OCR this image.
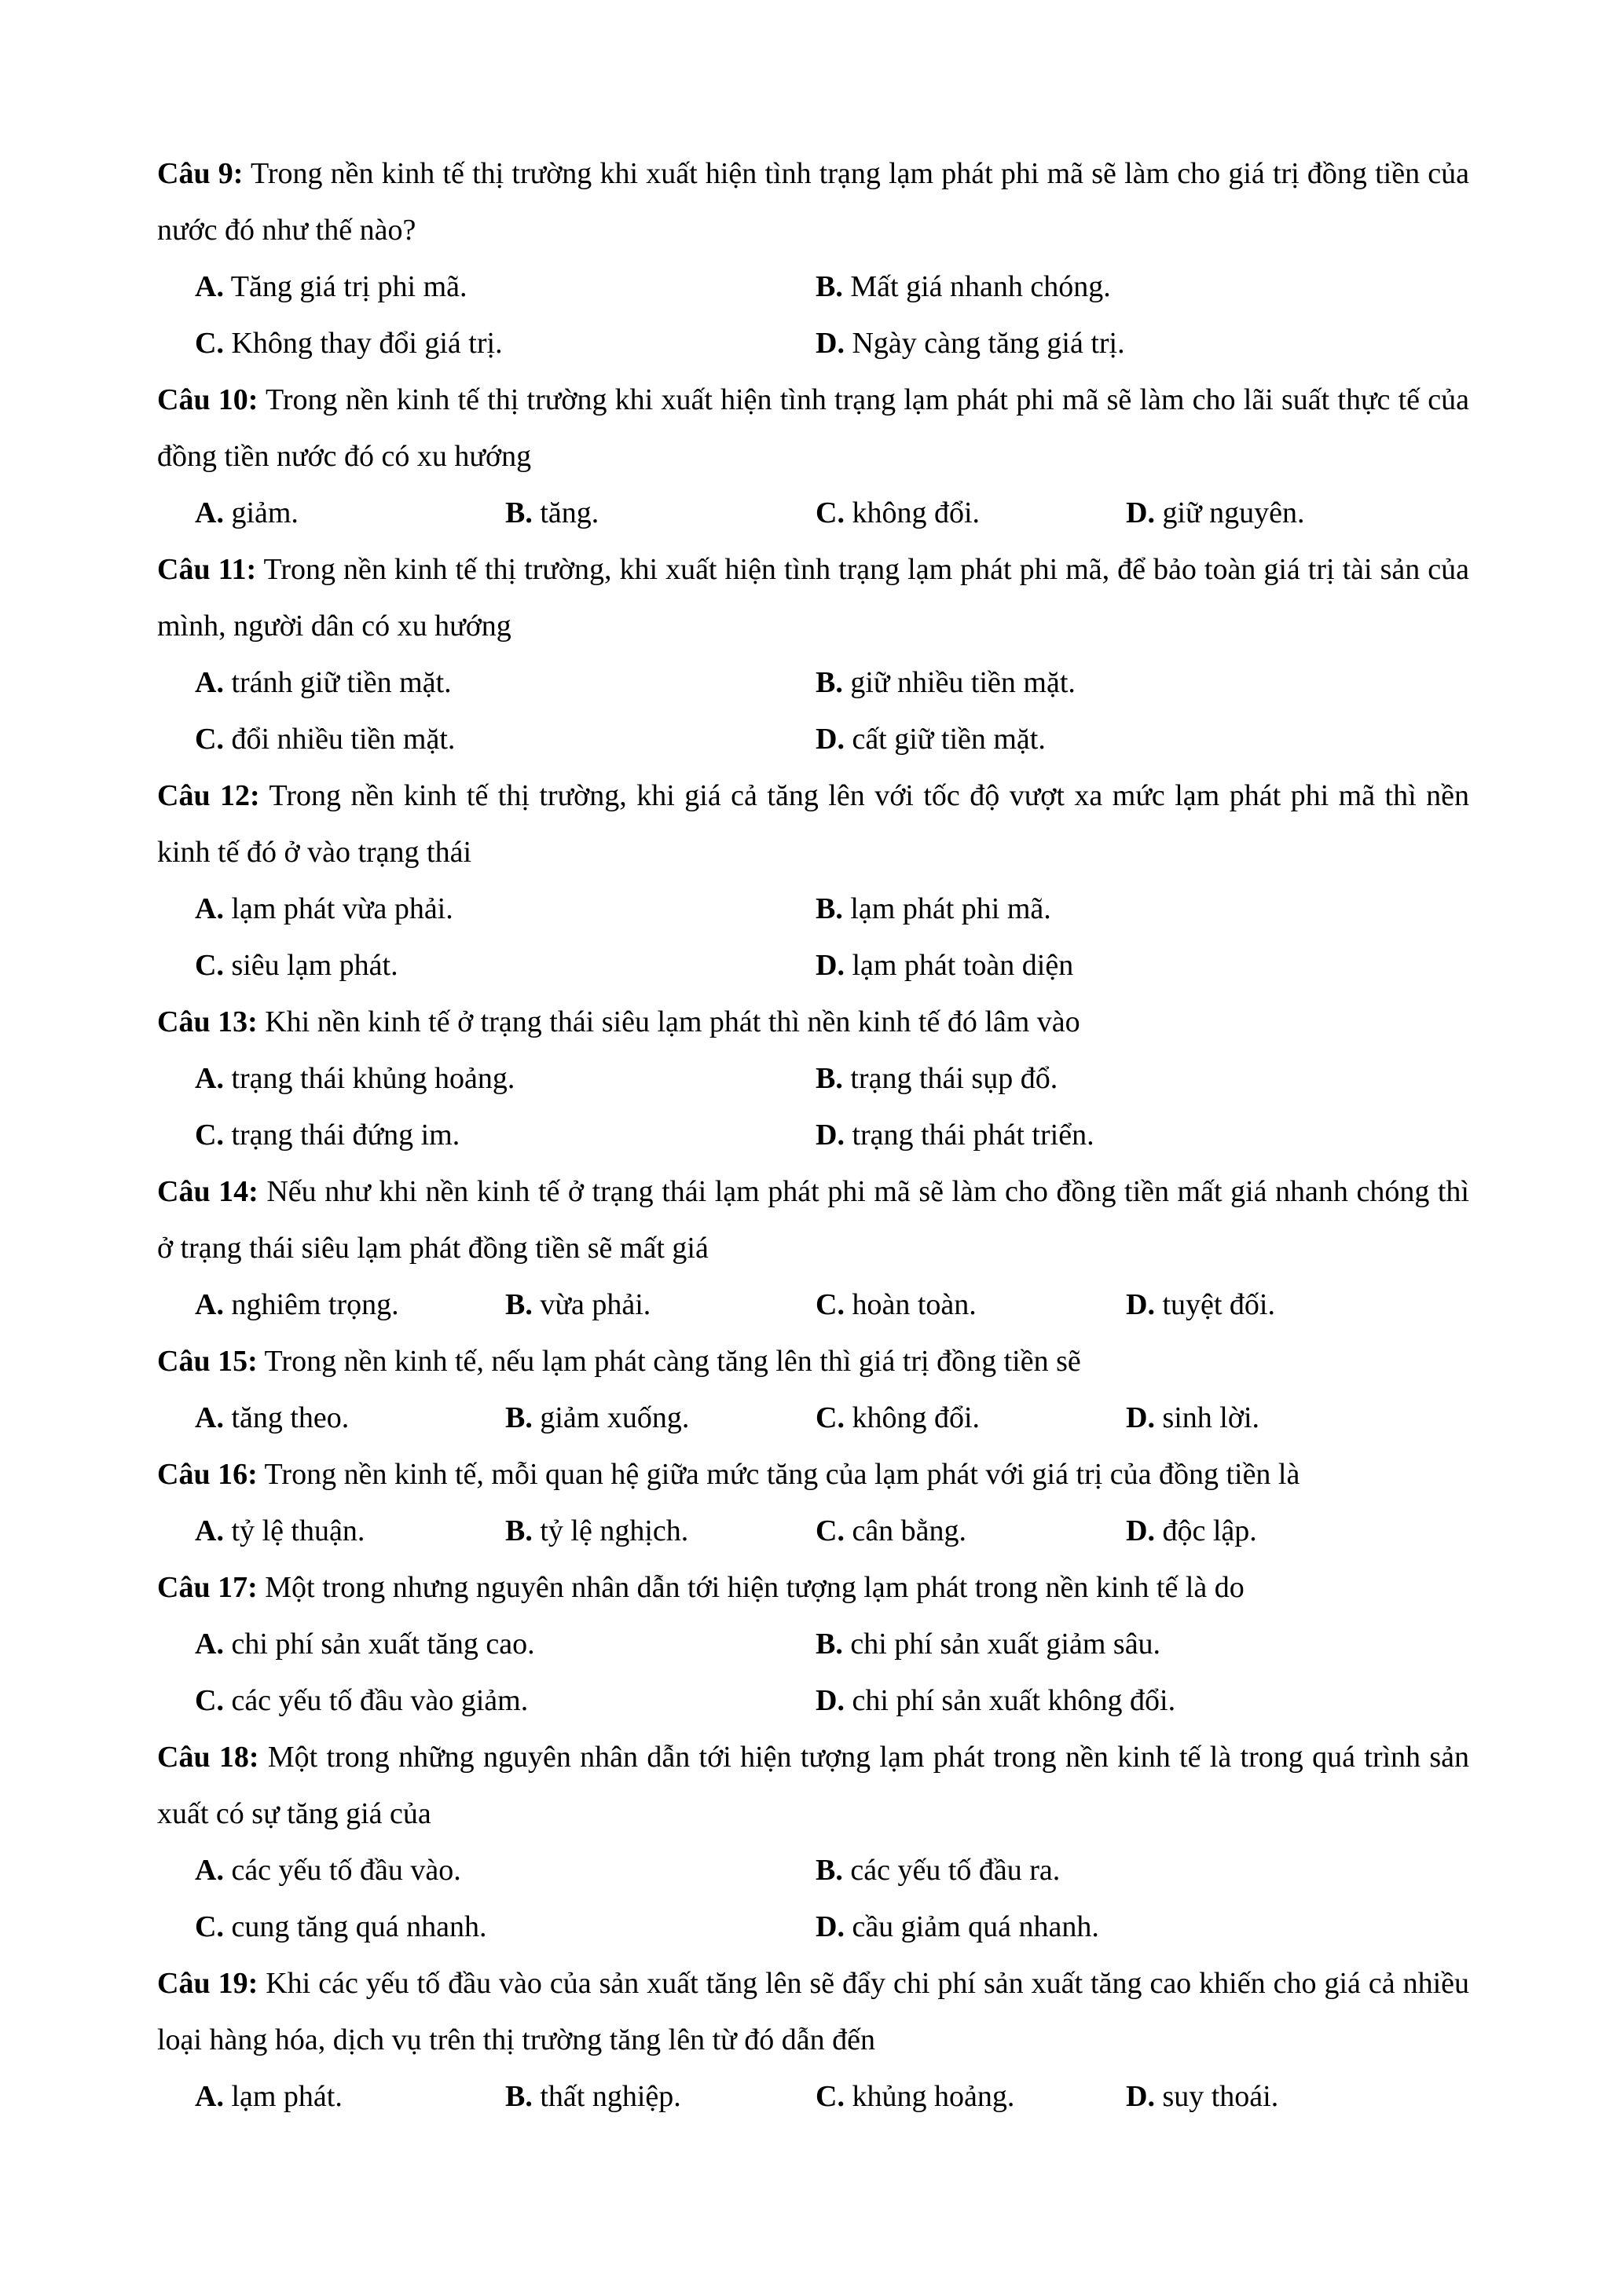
Câu 9: Trong nền kinh tế thị trường khi xuất hiện tình trạng lạm phát phi mã sẽ làm cho giá trị đồng tiền của nước đó như thế nào?
A. Tăng giá trị phi mã.	B. Mất giá nhanh chóng.
C. Không thay đổi giá trị.	D. Ngày càng tăng giá trị.
Câu 10: Trong nền kinh tế thị trường khi xuất hiện tình trạng lạm phát phi mã sẽ làm cho lãi suất thực tế của đồng tiền nước đó có xu hướng
A. giảm.	B. tăng.	C. không đổi.	D. giữ nguyên.
Câu 11: Trong nền kinh tế thị trường, khi xuất hiện tình trạng lạm phát phi mã, để bảo toàn giá trị tài sản của mình, người dân có xu hướng
A. tránh giữ tiền mặt.	B. giữ nhiều tiền mặt.
C. đổi nhiều tiền mặt.	D. cất giữ tiền mặt.
Câu 12: Trong nền kinh tế thị trường, khi giá cả tăng lên với tốc độ vượt xa mức lạm phát phi mã thì nền kinh tế đó ở vào trạng thái
A. lạm phát vừa phải.	B. lạm phát phi mã.
C. siêu lạm phát.	D. lạm phát toàn diện
Câu 13: Khi nền kinh tế ở trạng thái siêu lạm phát thì nền kinh tế đó lâm vào
A. trạng thái khủng hoảng.	B. trạng thái sụp đổ.
C. trạng thái đứng im.	D. trạng thái phát triển.
Câu 14: Nếu như khi nền kinh tế ở trạng thái lạm phát phi mã sẽ làm cho đồng tiền mất giá nhanh chóng thì ở trạng thái siêu lạm phát đồng tiền sẽ mất giá
A. nghiêm trọng.	B. vừa phải.	C. hoàn toàn.	D. tuyệt đối.
Câu 15: Trong nền kinh tế, nếu lạm phát càng tăng lên thì giá trị đồng tiền sẽ
A. tăng theo.	B. giảm xuống.	C. không đổi.	D. sinh lời.
Câu 16: Trong nền kinh tế, mỗi quan hệ giữa mức tăng của lạm phát với giá trị của đồng tiền là
A. tỷ lệ thuận.	B. tỷ lệ nghịch.	C. cân bằng.	D. độc lập.
Câu 17: Một trong nhưng nguyên nhân dẫn tới hiện tượng lạm phát trong nền kinh tế là do
A. chi phí sản xuất tăng cao.	B. chi phí sản xuất giảm sâu.
C. các yếu tố đầu vào giảm.	D. chi phí sản xuất không đổi.
Câu 18: Một trong những nguyên nhân dẫn tới hiện tượng lạm phát trong nền kinh tế là trong quá trình sản xuất có sự tăng giá của
A. các yếu tố đầu vào.	B. các yếu tố đầu ra.
C. cung tăng quá nhanh.	D. cầu giảm quá nhanh.
Câu 19: Khi các yếu tố đầu vào của sản xuất tăng lên sẽ đẩy chi phí sản xuất tăng cao khiến cho giá cả nhiều loại hàng hóa, dịch vụ trên thị trường tăng lên từ đó dẫn đến
A. lạm phát.	B. thất nghiệp.	C. khủng hoảng.	D. suy thoái.
